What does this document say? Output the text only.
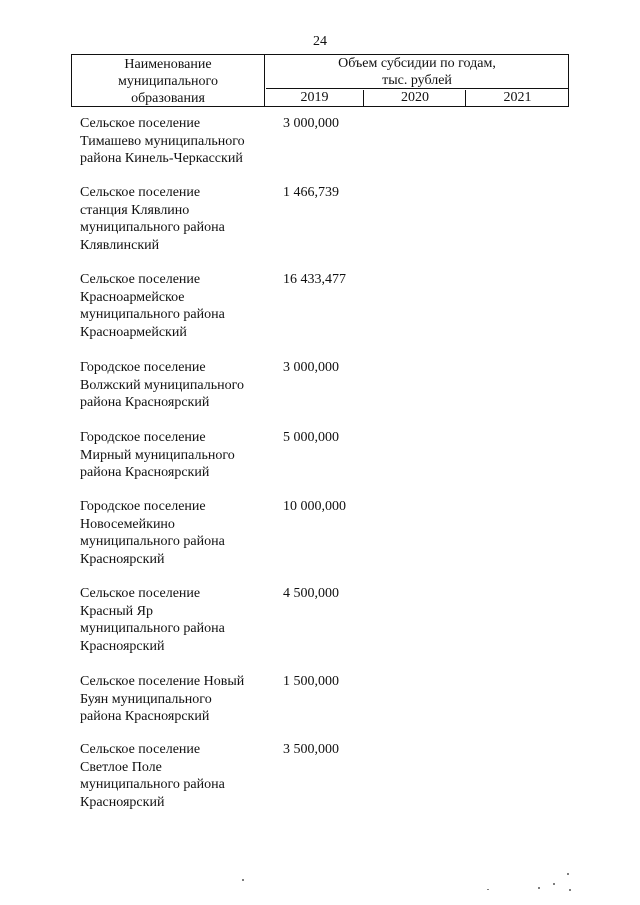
24
Наименование
муниципального
образования
Объем субсидии по годам,
тыс. рублей
2019	2020	2021
Сельское поселение
Тимашево муниципального
района Кинель-Черкасский
3 000,000
Сельское поселение
станция Клявлино
муниципального района
Клявлинский
1 466,739
Сельское поселение
Красноармейское
муниципального района
Красноармейский
16 433,477
Городское поселение
Волжский муниципального
района Красноярский
3 000,000
Городское поселение
Мирный муниципального
района Красноярский
5 000,000
Городское поселение
Новосемейкино
муниципального района
Красноярский
10 000,000
Сельское поселение
Красный Яр
муниципального района
Красноярский
4 500,000
Сельское поселение Новый
Буян муниципального
района Красноярский
1 500,000
Сельское поселение
Светлое Поле
муниципального района
Красноярский
3 500,000
